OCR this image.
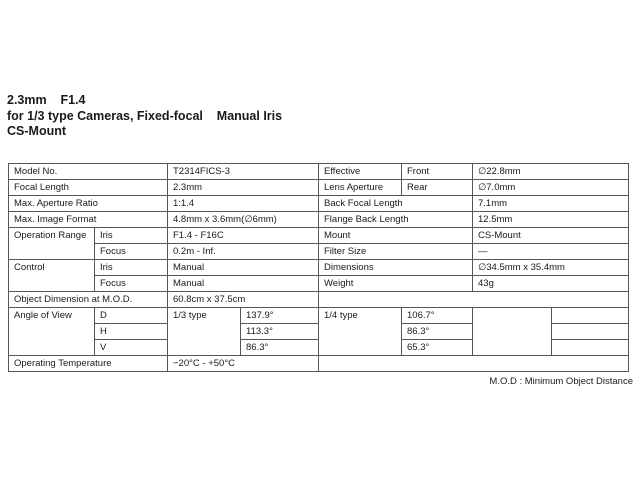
2.3mm    F1.4
for 1/3 type Cameras, Fixed-focal    Manual Iris
CS-Mount
Model No.		T2314FICS-3		Effective	Front	∅22.8mm	
Focal Length		2.3mm		Lens Aperture	Rear	∅7.0mm	
Max. Aperture Ratio		1:1.4		Back Focal Length		7.1mm	
Max. Image Format		4.8mm x 3.6mm(∅6mm)		Flange Back Length		12.5mm	
Operation Range	Iris	F1.4 - F16C		Mount		CS-Mount	
	Focus	0.2m - Inf.		Filter Size		—	
Control	Iris	Manual		Dimensions		∅34.5mm x 35.4mm	
	Focus	Manual		Weight		43g	
Object Dimension at M.O.D.		60.8cm x 37.5cm					
Angle of View	D	1/3 type	137.9°	1/4 type	106.7°		
	H		113.3°		86.3°		
	V		86.3°		65.3°		
Operating Temperature		−20°C - +50°C					
M.O.D : Minimum Object Distance
